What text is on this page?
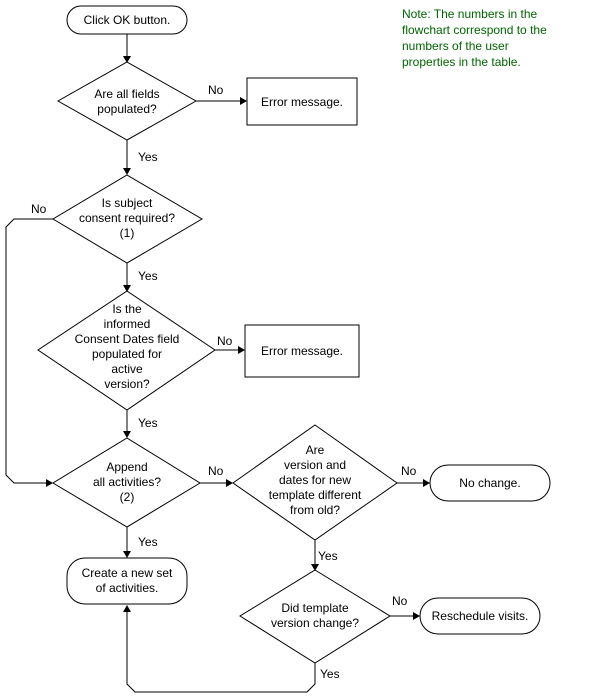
Note: The numbers in the
flowchart correspond to the
numbers of the user
properties in the table.
Click OK button.
Are all fields
populated?	Error message.
Is subject
consent required?
(1)
Is the
informed
Consent Dates field
populated for
active
version?
Error message.
Append
all activities?
(2)
Are
version and
dates for new
template different
from old?
No change.
Create a new set
of activities.
Did template
version change?	Reschedule visits.
No
Yes
No
Yes
No
Yes
No
Yes
No
Yes
No
Yes
